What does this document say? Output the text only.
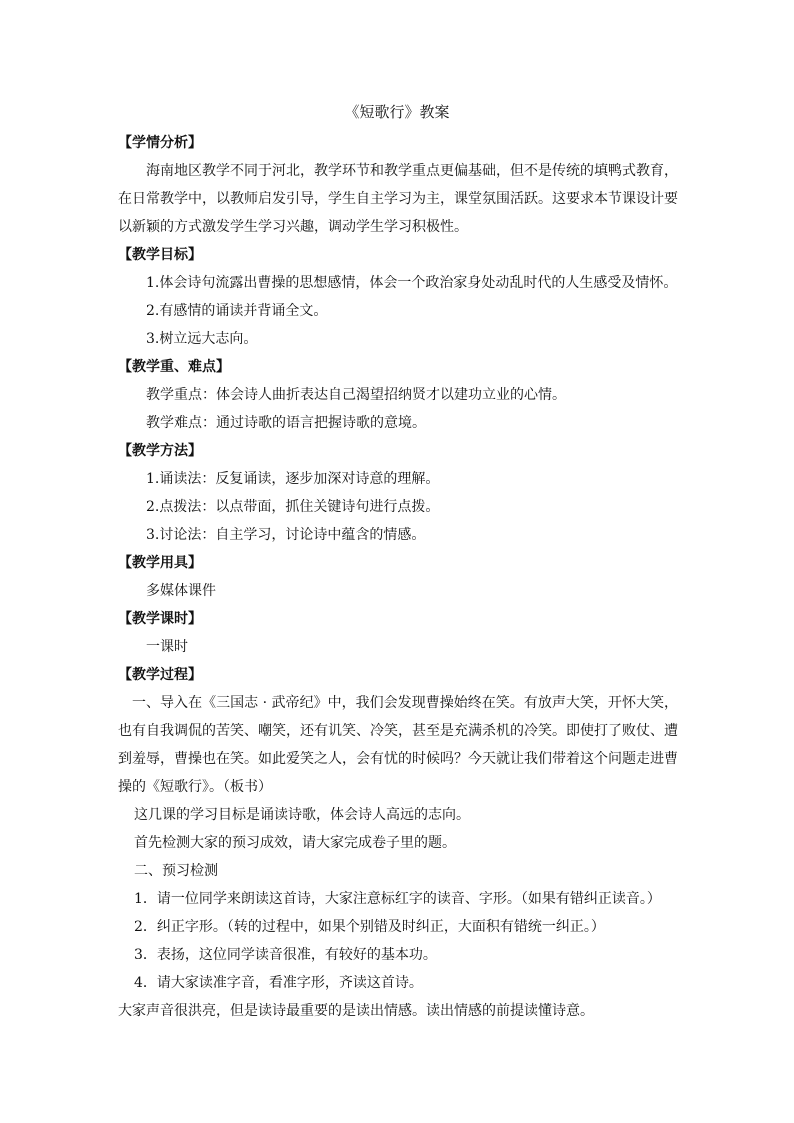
《短歌行》教案

【学情分析】

海南地区教学不同于河北，教学环节和教学重点更偏基础，但不是传统的填鸭式教育，在日常教学中，以教师启发引导，学生自主学习为主，课堂氛围活跃。这要求本节课设计要以新颖的方式激发学生学习兴趣，调动学生学习积极性。

【教学目标】

1.体会诗句流露出曹操的思想感情，体会一个政治家身处动乱时代的人生感受及情怀。

2.有感情的诵读并背诵全文。

3.树立远大志向。

【教学重、难点】

教学重点：体会诗人曲折表达自己渴望招纳贤才以建功立业的心情。

教学难点：通过诗歌的语言把握诗歌的意境。

【教学方法】

1.诵读法：反复诵读，逐步加深对诗意的理解。

2.点拨法：以点带面，抓住关键诗句进行点拨。

3.讨论法：自主学习，讨论诗中蕴含的情感。

【教学用具】

多媒体课件

【教学课时】

一课时

【教学过程】

一、导入在《三国志 · 武帝纪》中，我们会发现曹操始终在笑。有放声大笑，开怀大笑，也有自我调侃的苦笑、嘲笑，还有讥笑、冷笑，甚至是充满杀机的冷笑。即使打了败仗、遭到羞辱，曹操也在笑。如此爱笑之人，会有忧的时候吗？今天就让我们带着这个问题走进曹操的《短歌行》。（板书）

这几课的学习目标是诵读诗歌，体会诗人高远的志向。

首先检测大家的预习成效，请大家完成卷子里的题。

二、预习检测

1．请一位同学来朗读这首诗，大家注意标红字的读音、字形。（如果有错纠正读音。）

2．纠正字形。（转的过程中，如果个别错及时纠正，大面积有错统一纠正。）

3．表扬，这位同学读音很准，有较好的基本功。

4．请大家读准字音，看准字形，齐读这首诗。

大家声音很洪亮，但是读诗最重要的是读出情感。读出情感的前提读懂诗意。
